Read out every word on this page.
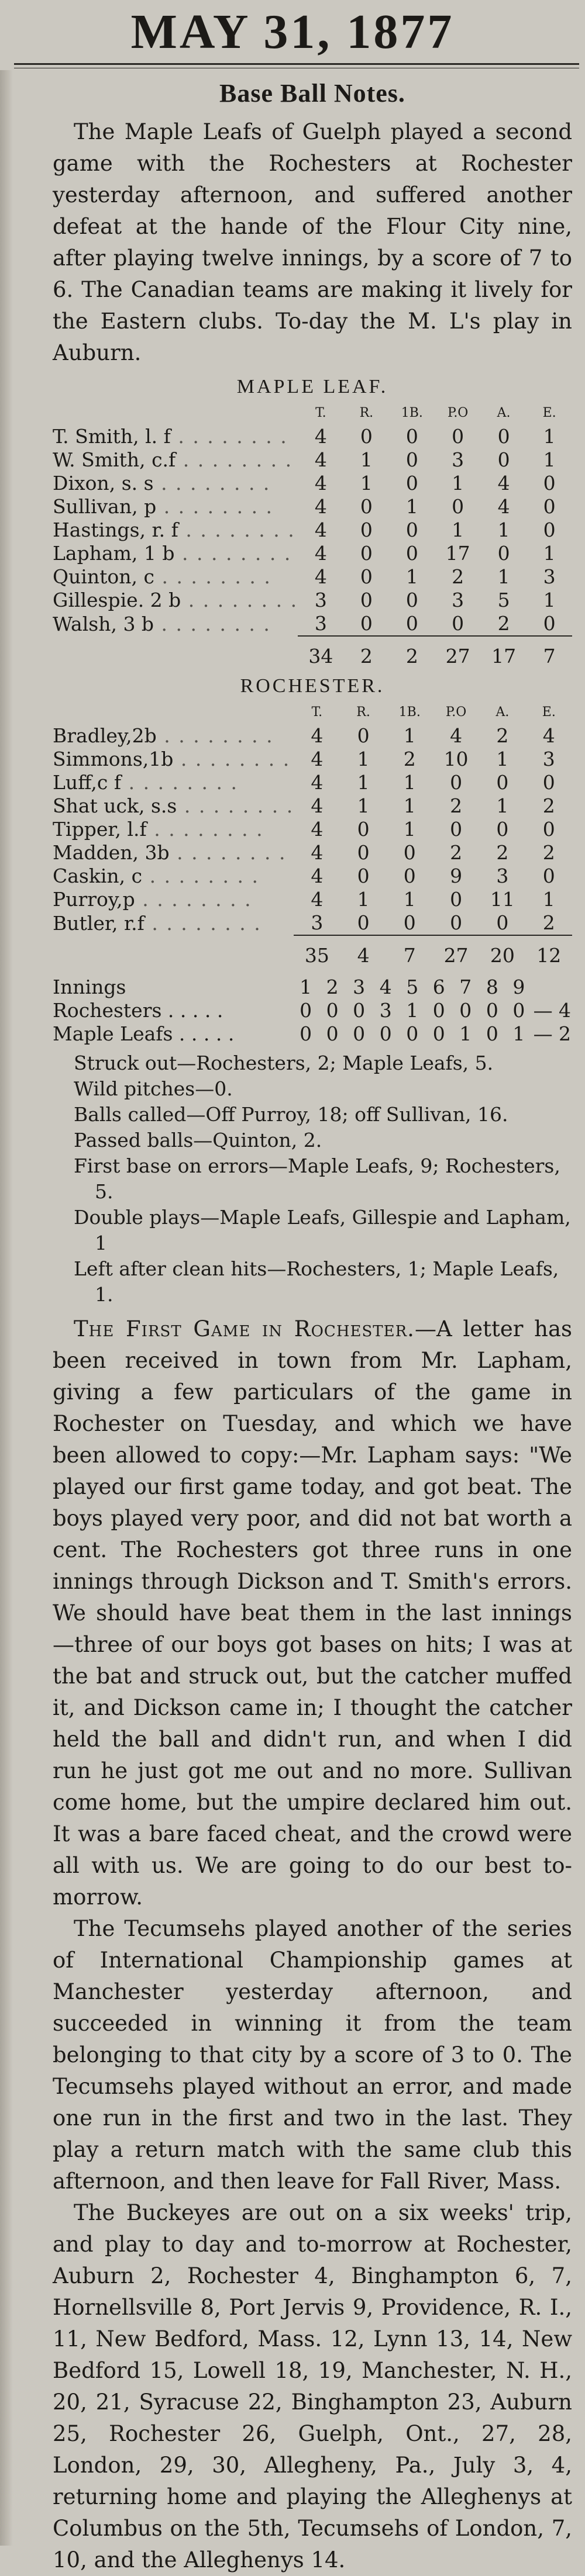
MAY 31, 1877
Base Ball Notes.

The Maple Leafs of Guelph played a second game with the Rochesters at Rochester yesterday afternoon, and suffered another defeat at the hande of the Flour City nine, after playing twelve innings, by a score of 7 to 6. The Canadian teams are making it lively for the Eastern clubs. To-day the M. L's play in Auburn.

MAPLE LEAF.
	T.	R.	1B.	P.O	A.	E.
T. Smith, l. f . . . . . . . .	4	0	0	0	0	1
W. Smith, c.f . . . . . . . .	4	1	0	3	0	1
Dixon, s. s . . . . . . . .	4	1	0	1	4	0
Sullivan, p . . . . . . . .	4	0	1	0	4	0
Hastings, r. f . . . . . . . .	4	0	0	1	1	0
Lapham, 1 b . . . . . . . .	4	0	0	17	0	1
Quinton, c . . . . . . . .	4	0	1	2	1	3
Gillespie. 2 b . . . . . . . .	3	0	0	3	5	1
Walsh, 3 b . . . . . . . .	3	0	0	0	2	0
	34	2	2	27	17	7
ROCHESTER.
	T.	R.	1B.	P.O	A.	E.
Bradley,2b . . . . . . . .	4	0	1	4	2	4
Simmons,1b . . . . . . . .	4	1	2	10	1	3
Luff,c f . . . . . . . .	4	1	1	0	0	0
Shat uck, s.s . . . . . . . .	4	1	1	2	1	2
Tipper, l.f . . . . . . . .	4	0	1	0	0	0
Madden, 3b . . . . . . . .	4	0	0	2	2	2
Caskin, c . . . . . . . .	4	0	0	9	3	0
Purroy,p . . . . . . . .	4	1	1	0	11	1
Butler, r.f . . . . . . . .	3	0	0	0	0	2
	35	4	7	27	20	12
Innings	1	2	3	4	5	6	7	8	9	
Rochesters . . . . .	0	0	0	3	1	0	0	0	0	— 4
Maple Leafs . . . . .	0	0	0	0	0	0	1	0	1	— 2
Struck out—Rochesters, 2; Maple Leafs, 5.
Wild pitches—0.
Balls called—Off Purroy, 18; off Sullivan, 16.
Passed balls—Quinton, 2.
First base on errors—Maple Leafs, 9; Rochesters, 5.
Double plays—Maple Leafs, Gillespie and Lapham, 1
Left after clean hits—Rochesters, 1; Maple Leafs, 1.

The First Game in Rochester.—A letter has been received in town from Mr. Lapham, giving a few particulars of the game in Rochester on Tuesday, and which we have been allowed to copy:—Mr. Lapham says: "We played our first game today, and got beat. The boys played very poor, and did not bat worth a cent. The Rochesters got three runs in one innings through Dickson and T. Smith's errors. We should have beat them in the last innings —three of our boys got bases on hits; I was at the bat and struck out, but the catcher muffed it, and Dickson came in; I thought the catcher held the ball and didn't run, and when I did run he just got me out and no more. Sullivan come home, but the umpire declared him out. It was a bare faced cheat, and the crowd were all with us. We are going to do our best to-morrow.

The Tecumsehs played another of the series of International Championship games at Manchester yesterday afternoon, and succeeded in winning it from the team belonging to that city by a score of 3 to 0. The Tecumsehs played without an error, and made one run in the first and two in the last. They play a return match with the same club this afternoon, and then leave for Fall River, Mass.

The Buckeyes are out on a six weeks' trip, and play to day and to-morrow at Rochester, Auburn 2, Rochester 4, Binghampton 6, 7, Hornellsville 8, Port Jervis 9, Providence, R. I., 11, New Bedford, Mass. 12, Lynn 13, 14, New Bedford 15, Lowell 18, 19, Manchester, N. H., 20, 21, Syracuse 22, Binghampton 23, Auburn 25, Rochester 26, Guelph, Ont., 27, 28, London, 29, 30, Allegheny, Pa., July 3, 4, returning home and playing the Alleghenys at Columbus on the 5th, Tecumsehs of London, 7, 10, and the Alleghenys 14.
